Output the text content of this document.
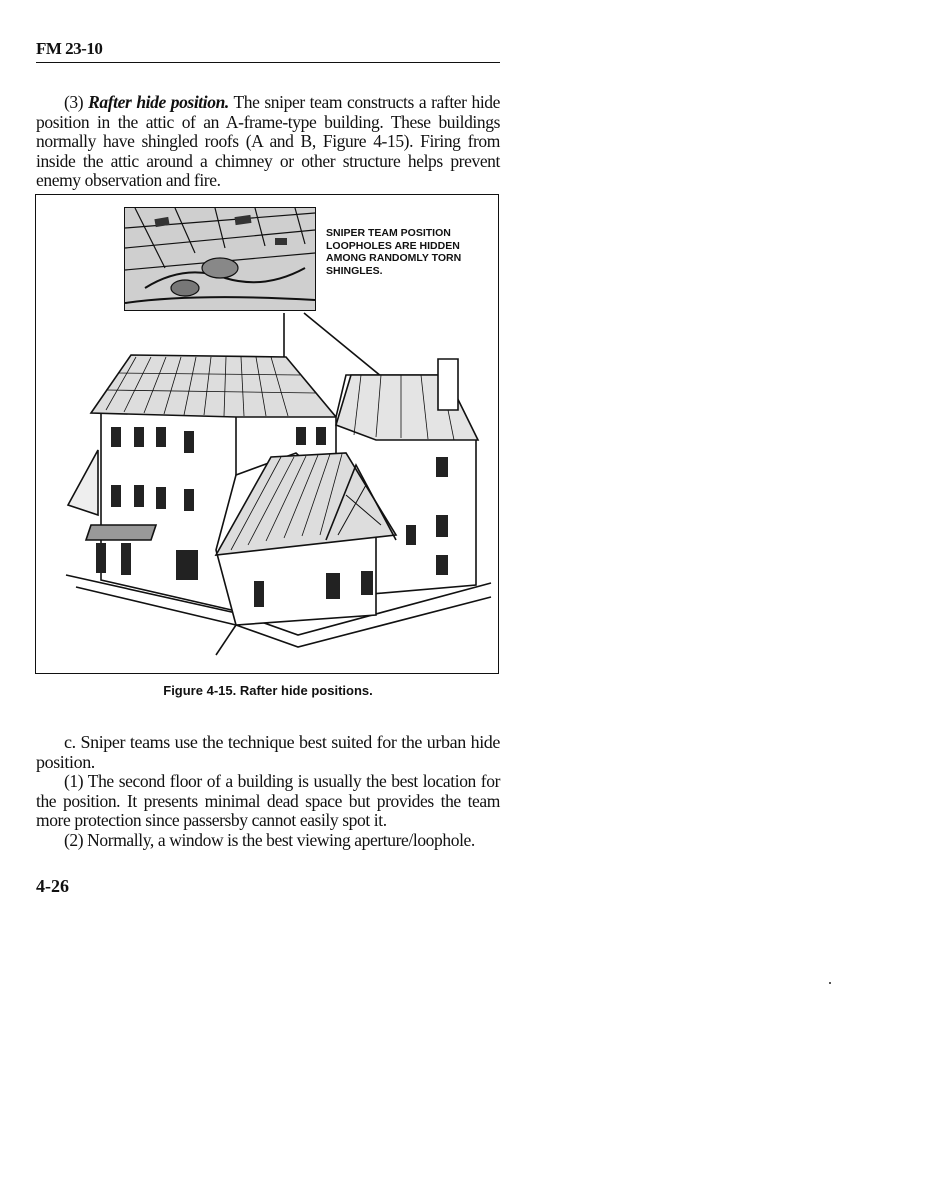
FM 23-10
(3) Rafter hide position. The sniper team constructs a rafter hide position in the attic of an A-frame-type building. These buildings normally have shingled roofs (A and B, Figure 4-15). Firing from inside the attic around a chimney or other structure helps prevent enemy observation and fire.
SNIPER TEAM POSITION LOOPHOLES ARE HIDDEN AMONG RANDOMLY TORN SHINGLES.
Figure 4-15. Rafter hide positions.
c. Sniper teams use the technique best suited for the urban hide position.
(1) The second floor of a building is usually the best location for the position. It presents minimal dead space but provides the team more protection since passersby cannot easily spot it.
(2) Normally, a window is the best viewing aperture/loophole.
4-26
